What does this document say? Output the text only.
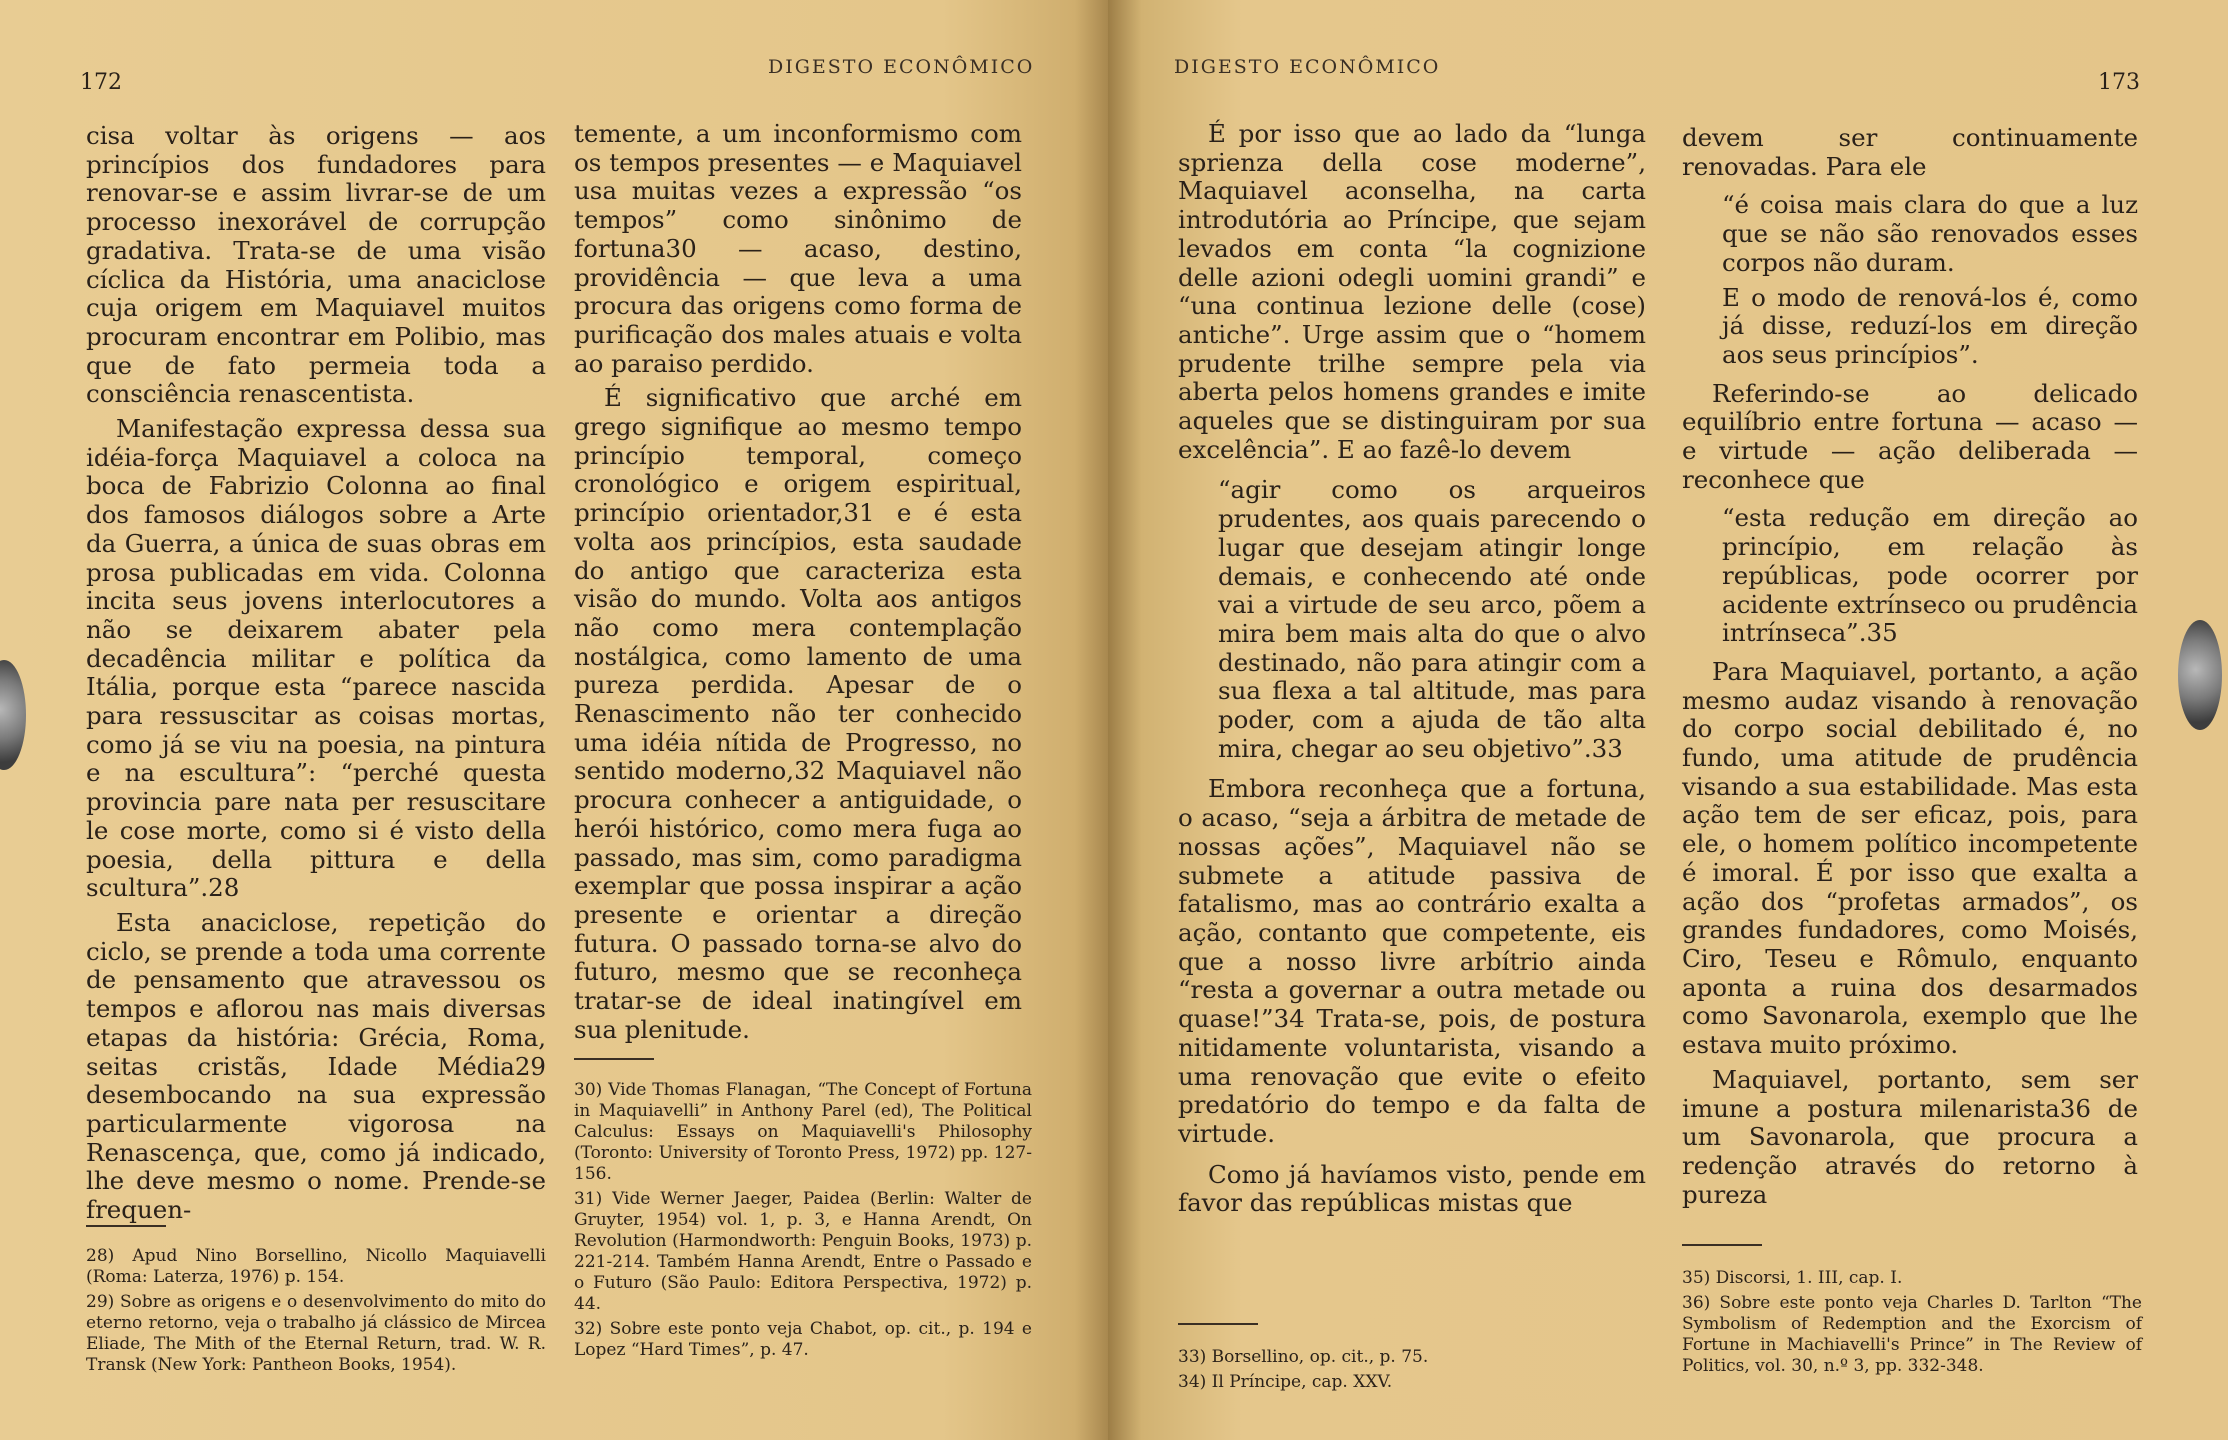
172
DIGESTO ECONÔMICO

cisa voltar às origens — aos princípios dos fundadores para renovar-se e assim livrar-se de um processo inexorável de corrupção gradativa. Trata-se de uma visão cíclica da História, uma anaciclose cuja origem em Maquiavel muitos procuram encontrar em Polibio, mas que de fato permeia toda a consciência renascentista.

Manifestação expressa dessa sua idéia-força Maquiavel a coloca na boca de Fabrizio Colonna ao final dos famosos diálogos sobre a Arte da Guerra, a única de suas obras em prosa publicadas em vida. Colonna incita seus jovens interlocutores a não se deixarem abater pela decadência militar e política da Itália, porque esta “parece nascida para ressuscitar as coisas mortas, como já se viu na poesia, na pintura e na escultura”: “perché questa provincia pare nata per resuscitare le cose morte, como si é visto della poesia, della pittura e della scultura”.28

Esta anaciclose, repetição do ciclo, se prende a toda uma corrente de pensamento que atravessou os tempos e aflorou nas mais diversas etapas da história: Grécia, Roma, seitas cristãs, Idade Média29 desembocando na sua expressão particularmente vigorosa na Renascença, que, como já indicado, lhe deve mesmo o nome. Prende-se frequen-

temente, a um inconformismo com os tempos presentes — e Maquiavel usa muitas vezes a expressão “os tempos” como sinônimo de fortuna30 — acaso, destino, providência — que leva a uma procura das origens como forma de purificação dos males atuais e volta ao paraiso perdido.

É significativo que arché em grego signifique ao mesmo tempo princípio temporal, começo cronológico e origem espiritual, princípio orientador,31 e é esta volta aos princípios, esta saudade do antigo que caracteriza esta visão do mundo. Volta aos antigos não como mera contemplação nostálgica, como lamento de uma pureza perdida. Apesar de o Renascimento não ter conhecido uma idéia nítida de Progresso, no sentido moderno,32 Maquiavel não procura conhecer a antiguidade, o herói histórico, como mera fuga ao passado, mas sim, como paradigma exemplar que possa inspirar a ação presente e orientar a direção futura. O passado torna-se alvo do futuro, mesmo que se reconheça tratar-se de ideal inatingível em sua plenitude.

28) Apud Nino Borsellino, Nicollo Maquiavelli (Roma: Laterza, 1976) p. 154.
29) Sobre as origens e o desenvolvimento do mito do eterno retorno, veja o trabalho já clássico de Mircea Eliade, The Mith of the Eternal Return, trad. W. R. Transk (New York: Pantheon Books, 1954).
30) Vide Thomas Flanagan, “The Concept of Fortuna in Maquiavelli” in Anthony Parel (ed), The Political Calculus: Essays on Maquiavelli's Philosophy (Toronto: University of Toronto Press, 1972) pp. 127-156.
31) Vide Werner Jaeger, Paidea (Berlin: Walter de Gruyter, 1954) vol. 1, p. 3, e Hanna Arendt, On Revolution (Harmondworth: Penguin Books, 1973) p. 221-214. Também Hanna Arendt, Entre o Passado e o Futuro (São Paulo: Editora Perspectiva, 1972) p. 44.
32) Sobre este ponto veja Chabot, op. cit., p. 194 e Lopez “Hard Times”, p. 47.
DIGESTO ECONÔMICO
173

É por isso que ao lado da “lunga sprienza della cose moderne”, Maquiavel aconselha, na carta introdutória ao Príncipe, que sejam levados em conta “la cognizione delle azioni odegli uomini grandi” e “una continua lezione delle (cose) antiche”. Urge assim que o “homem prudente trilhe sempre pela via aberta pelos homens grandes e imite aqueles que se distinguiram por sua excelência”. E ao fazê-lo devem

“agir como os arqueiros prudentes, aos quais parecendo o lugar que desejam atingir longe demais, e conhecendo até onde vai a virtude de seu arco, põem a mira bem mais alta do que o alvo destinado, não para atingir com a sua flexa a tal altitude, mas para poder, com a ajuda de tão alta mira, chegar ao seu objetivo”.33

Embora reconheça que a fortuna, o acaso, “seja a árbitra de metade de nossas ações”, Maquiavel não se submete a atitude passiva de fatalismo, mas ao contrário exalta a ação, contanto que competente, eis que a nosso livre arbítrio ainda “resta a governar a outra metade ou quase!”34 Trata-se, pois, de postura nitidamente voluntarista, visando a uma renovação que evite o efeito predatório do tempo e da falta de virtude.

Como já havíamos visto, pende em favor das repúblicas mistas que

devem ser continuamente renovadas. Para ele

“é coisa mais clara do que a luz que se não são renovados esses corpos não duram.

E o modo de renová-los é, como já disse, reduzí-los em direção aos seus princípios”.

Referindo-se ao delicado equilíbrio entre fortuna — acaso — e virtude — ação deliberada — reconhece que

“esta redução em direção ao princípio, em relação às repúblicas, pode ocorrer por acidente extrínseco ou prudência intrínseca”.35

Para Maquiavel, portanto, a ação mesmo audaz visando à renovação do corpo social debilitado é, no fundo, uma atitude de prudência visando a sua estabilidade. Mas esta ação tem de ser eficaz, pois, para ele, o homem político incompetente é imoral. É por isso que exalta a ação dos “profetas armados”, os grandes fundadores, como Moisés, Ciro, Teseu e Rômulo, enquanto aponta a ruina dos desarmados como Savonarola, exemplo que lhe estava muito próximo.

Maquiavel, portanto, sem ser imune a postura milenarista36 de um Savonarola, que procura a redenção através do retorno à pureza

33) Borsellino, op. cit., p. 75.
34) Il Príncipe, cap. XXV.
35) Discorsi, 1. III, cap. I.
36) Sobre este ponto veja Charles D. Tarlton “The Symbolism of Redemption and the Exorcism of Fortune in Machiavelli's Prince” in The Review of Politics, vol. 30, n.º 3, pp. 332-348.
